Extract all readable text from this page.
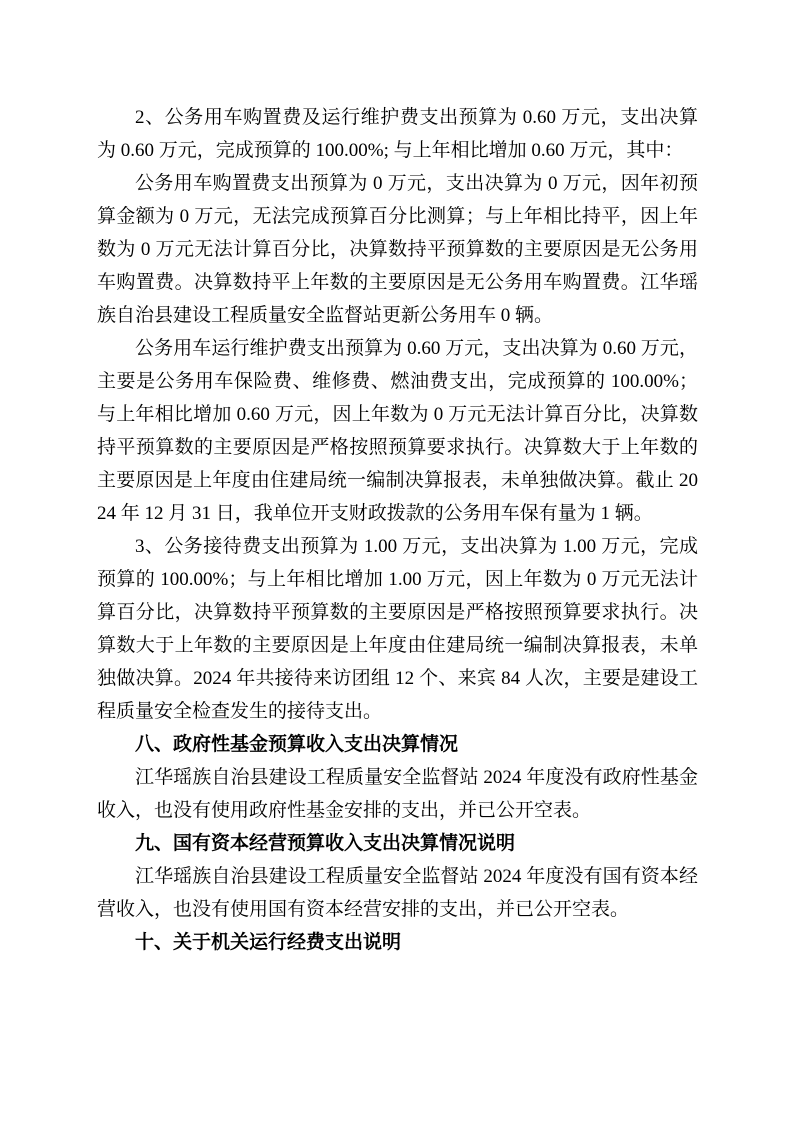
2、公务用车购置费及运行维护费支出预算为 0.60 万元，支出决算为 0.60 万元，完成预算的 100.00%; 与上年相比增加 0.60 万元，其中：

公务用车购置费支出预算为 0 万元，支出决算为 0 万元，因年初预算金额为 0 万元，无法完成预算百分比测算；与上年相比持平，因上年数为 0 万元无法计算百分比，决算数持平预算数的主要原因是无公务用车购置费。决算数持平上年数的主要原因是无公务用车购置费。江华瑶族自治县建设工程质量安全监督站更新公务用车 0 辆。

公务用车运行维护费支出预算为 0.60 万元，支出决算为 0.60 万元，主要是公务用车保险费、维修费、燃油费支出，完成预算的 100.00%；与上年相比增加 0.60 万元，因上年数为 0 万元无法计算百分比，决算数持平预算数的主要原因是严格按照预算要求执行。决算数大于上年数的主要原因是上年度由住建局统一编制决算报表，未单独做决算。截止 2024 年 12 月 31 日，我单位开支财政拨款的公务用车保有量为 1 辆。

3、公务接待费支出预算为 1.00 万元，支出决算为 1.00 万元，完成预算的 100.00%；与上年相比增加 1.00 万元，因上年数为 0 万元无法计算百分比，决算数持平预算数的主要原因是严格按照预算要求执行。决算数大于上年数的主要原因是上年度由住建局统一编制决算报表，未单独做决算。2024 年共接待来访团组 12 个、来宾 84 人次，主要是建设工程质量安全检查发生的接待支出。

八、政府性基金预算收入支出决算情况

江华瑶族自治县建设工程质量安全监督站 2024 年度没有政府性基金收入，也没有使用政府性基金安排的支出，并已公开空表。

九、国有资本经营预算收入支出决算情况说明

江华瑶族自治县建设工程质量安全监督站 2024 年度没有国有资本经营收入，也没有使用国有资本经营安排的支出，并已公开空表。

十、关于机关运行经费支出说明
